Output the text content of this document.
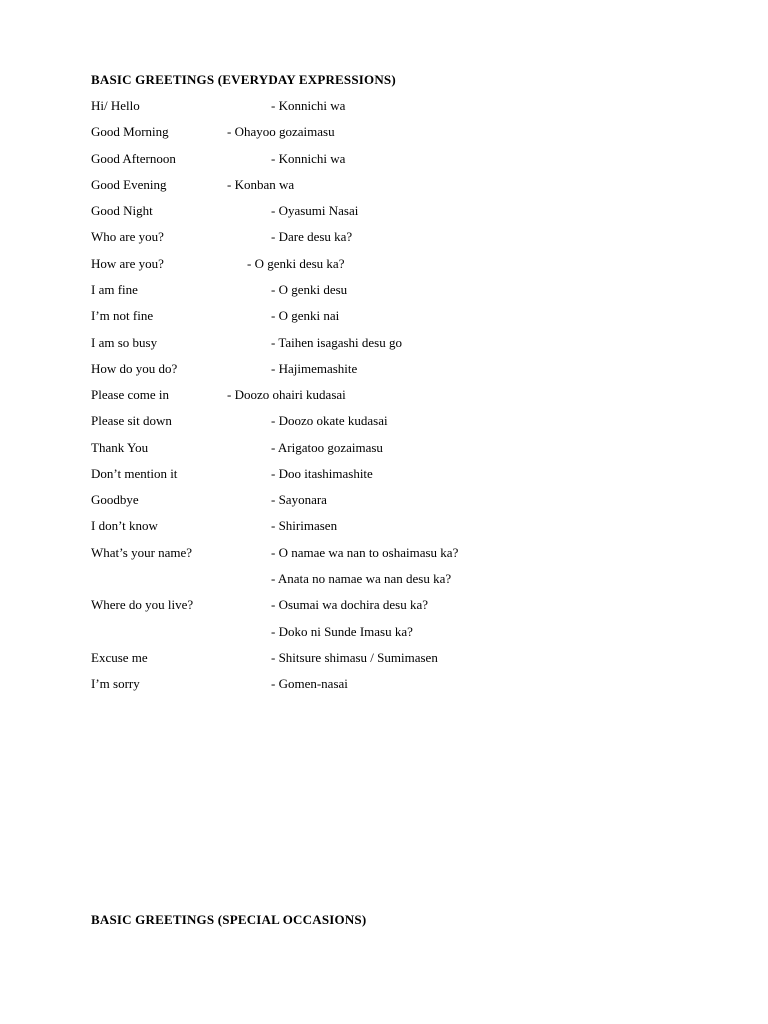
BASIC GREETINGS (EVERYDAY EXPRESSIONS)
Hi/ Hello	- Konnichi wa
Good Morning	- Ohayoo gozaimasu
Good Afternoon	- Konnichi wa
Good Evening	- Konban wa
Good Night	- Oyasumi Nasai
Who are you?	- Dare desu ka?
How are you?	- O genki desu ka?
I am fine	- O genki desu
I’m not fine	- O genki nai
I am so busy	- Taihen isagashi desu go
How do you do?	- Hajimemashite
Please come in	- Doozo ohairi kudasai
Please sit down	- Doozo okate kudasai
Thank You	- Arigatoo gozaimasu
Don’t mention it	- Doo itashimashite
Goodbye	- Sayonara
I don’t know	- Shirimasen
What’s your name?	- O namae wa nan to oshaimasu ka?
- Anata no namae wa nan desu ka?
Where do you live?	- Osumai wa dochira desu ka?
- Doko ni Sunde Imasu ka?
Excuse me	- Shitsure shimasu / Sumimasen
I’m sorry	- Gomen-nasai
BASIC GREETINGS (SPECIAL OCCASIONS)
